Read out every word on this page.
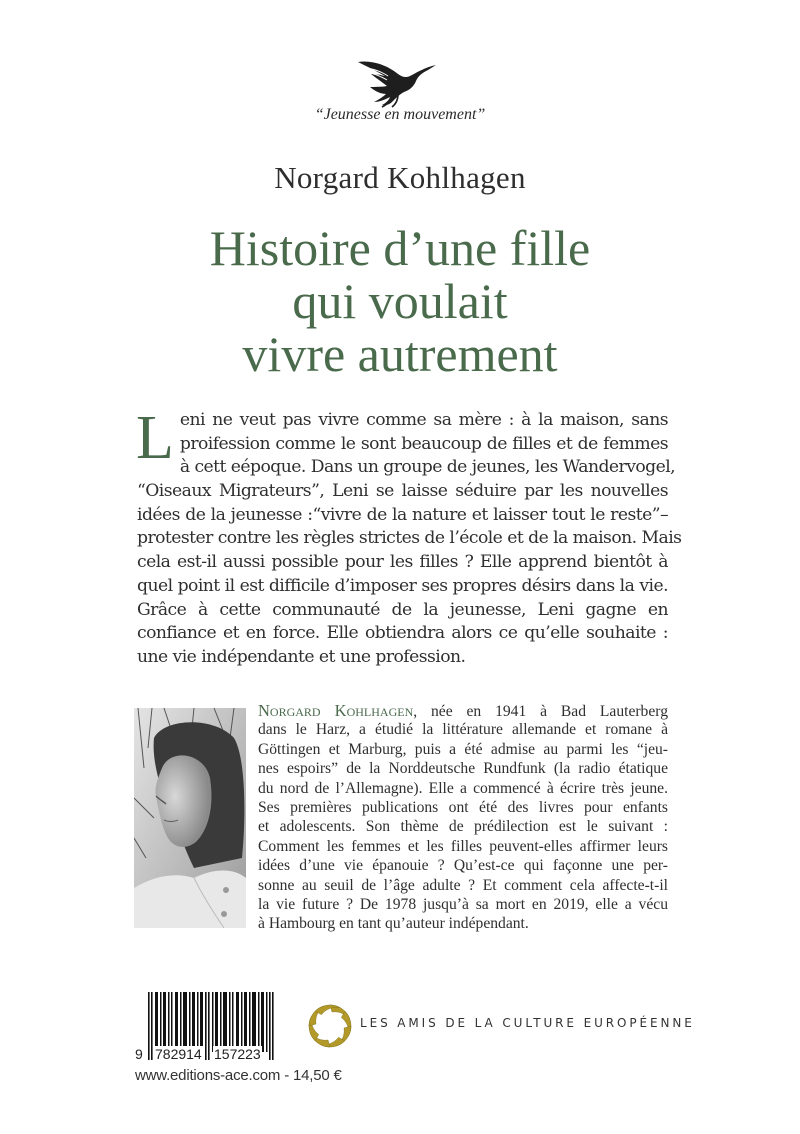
“Jeunesse en mouvement”
Norgard Kohlhagen
Histoire d’une fille
qui voulait
vivre autrement
L eni ne veut pas vivre comme sa mère : à la maison, sans
proifession comme le sont beaucoup de filles et de femmes
à cett eépoque. Dans un groupe de jeunes, les Wandervogel,
“Oiseaux Migrateurs”, Leni se laisse séduire par les nouvelles
idées de la jeunesse :“vivre de la nature et laisser tout le reste”–
protester contre les règles strictes de l’école et de la maison. Mais
cela est-il aussi possible pour les filles ? Elle apprend bientôt à
quel point il est difficile d’imposer ses propres désirs dans la vie.
Grâce à cette communauté de la jeunesse, Leni gagne en
confiance et en force. Elle obtiendra alors ce qu’elle souhaite :
une vie indépendante et une profession.
Norgard Kohlhagen, née en 1941 à Bad Lauterberg
dans le Harz, a étudié la littérature allemande et romane à
Göttingen et Marburg, puis a été admise au parmi les “jeu-
nes espoirs” de la Norddeutsche Rundfunk (la radio étatique
du nord de l’Allemagne). Elle a commencé à écrire très jeune.
Ses premières publications ont été des livres pour enfants
et adolescents. Son thème de prédilection est le suivant :
Comment les femmes et les filles peuvent-elles affirmer leurs
idées d’une vie épanouie ? Qu’est-ce qui façonne une per-
sonne au seuil de l’âge adulte ? Et comment cela affecte-t-il
la vie future ? De 1978 jusqu’à sa mort en 2019, elle a vécu
à Hambourg en tant qu’auteur indépendant.
9 782914 157223
www.editions-ace.com - 14,50 €
LES AMIS DE LA CULTURE EUROPÉENNE
